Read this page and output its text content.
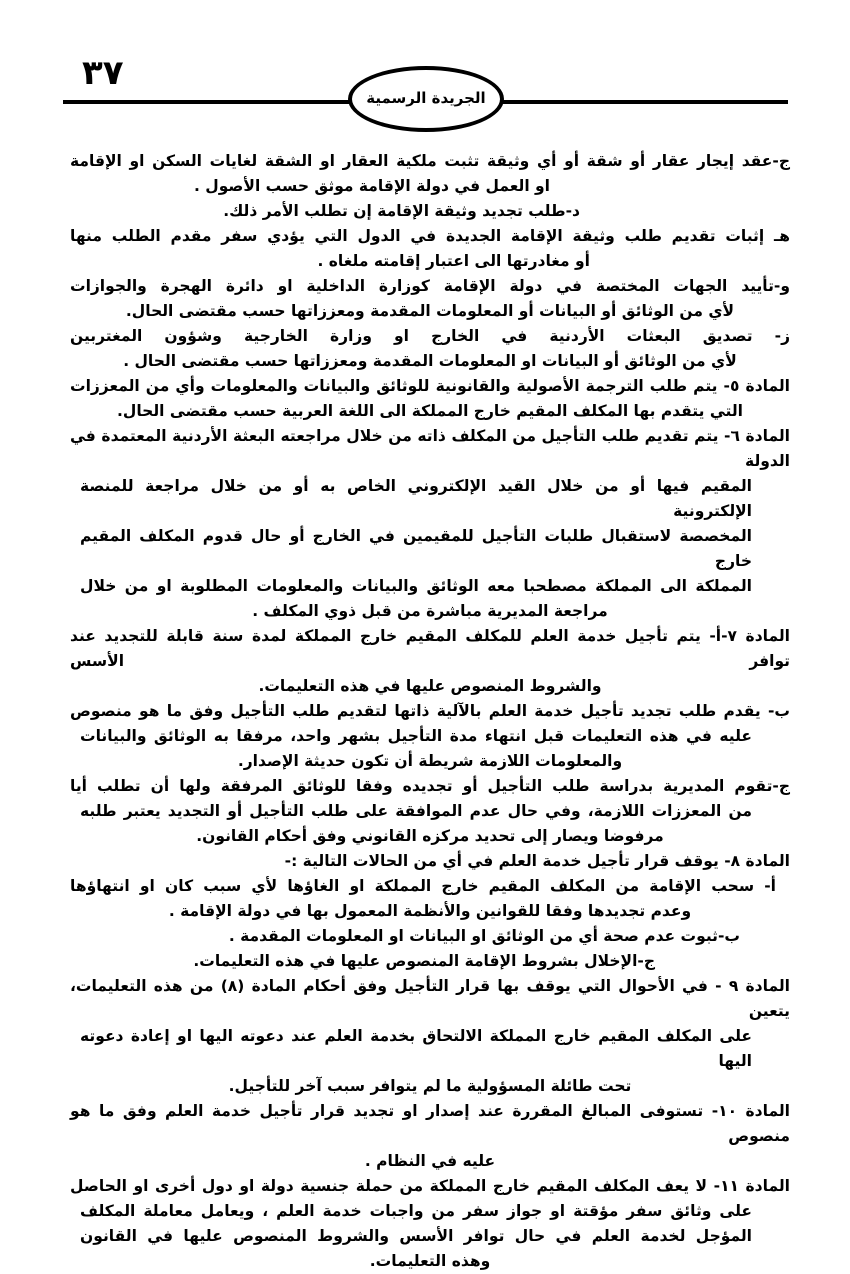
٣٧
الجريدة الرسمية
ج-عقد إيجار عقار أو شقة أو أي وثيقة تثبت ملكية العقار او الشقة لغايات السكن او الإقامة
او العمل في دولة الإقامة موثق حسب الأصول .
د-طلب تجديد وثيقة الإقامة إن تطلب الأمر ذلك.
هـ إثبات تقديم طلب وثيقة الإقامة الجديدة في الدول التي يؤدي سفر مقدم الطلب منها
أو مغادرتها الى اعتبار إقامته ملغاه .
و-تأييد الجهات المختصة في دولة الإقامة كوزارة الداخلية او دائرة الهجرة والجوازات
لأي من الوثائق أو البيانات أو المعلومات المقدمة ومعززاتها حسب مقتضى الحال.
ز- تصديق البعثات الأردنية في الخارج او وزارة الخارجية وشؤون المغتربين
لأي من الوثائق أو البيانات او المعلومات المقدمة ومعززاتها حسب مقتضى الحال .
المادة ٥- يتم طلب الترجمة الأصولية والقانونية للوثائق والبيانات والمعلومات وأي من المعززات
التي يتقدم بها المكلف المقيم خارج المملكة الى اللغة العربية حسب مقتضى الحال.
المادة ٦- يتم تقديم طلب التأجيل من المكلف ذاته من خلال مراجعته البعثة الأردنية المعتمدة في الدولة
المقيم فيها أو من خلال القيد الإلكتروني الخاص به أو من خلال مراجعة للمنصة الإلكترونية
المخصصة لاستقبال طلبات التأجيل للمقيمين في الخارج أو حال قدوم المكلف المقيم خارج
المملكة الى المملكة مصطحبا معه الوثائق والبيانات والمعلومات المطلوبة او من خلال
مراجعة المديرية مباشرة من قبل ذوي المكلف .
المادة ٧-أ- يتم تأجيل خدمة العلم للمكلف المقيم خارج المملكة لمدة سنة قابلة للتجديد عند توافر الأسس
والشروط المنصوص عليها في هذه التعليمات.
ب- يقدم طلب تجديد تأجيل خدمة العلم بالآلية ذاتها لتقديم طلب التأجيل وفق ما هو منصوص
عليه في هذه التعليمات قبل انتهاء مدة التأجيل بشهر واحد، مرفقا به الوثائق والبيانات
والمعلومات اللازمة شريطة أن تكون حديثة الإصدار.
ج-تقوم المديرية بدراسة طلب التأجيل أو تجديده وفقا للوثائق المرفقة ولها أن تطلب أيا
من المعززات اللازمة، وفي حال عدم الموافقة على طلب التأجيل أو التجديد يعتبر طلبه
مرفوضا ويصار إلى تحديد مركزه القانوني وفق أحكام القانون.
المادة ٨- يوقف قرار تأجيل خدمة العلم في أي من الحالات التالية :-
أ- سحب الإقامة من المكلف المقيم خارج المملكة او الغاؤها لأي سبب كان او انتهاؤها
وعدم تجديدها وفقا للقوانين والأنظمة المعمول بها في دولة الإقامة .
ب-ثبوت عدم صحة أي من الوثائق او البيانات او المعلومات المقدمة .
ج-الإخلال بشروط الإقامة المنصوص عليها في هذه التعليمات.
المادة ٩ - في الأحوال التي يوقف بها قرار التأجيل وفق أحكام المادة (٨) من هذه التعليمات، يتعين
على المكلف المقيم خارج المملكة الالتحاق بخدمة العلم عند دعوته اليها او إعادة دعوته اليها
تحت طائلة المسؤولية ما لم يتوافر سبب آخر للتأجيل.
المادة ١٠- تستوفى المبالغ المقررة عند إصدار او تجديد قرار تأجيل خدمة العلم وفق ما هو منصوص
عليه في النظام .
المادة ١١- لا يعف المكلف المقيم خارج المملكة من حملة جنسية دولة او دول أخرى او الحاصل
على وثائق سفر مؤقتة او جواز سفر من واجبات خدمة العلم ، ويعامل معاملة المكلف
المؤجل لخدمة العلم في حال توافر الأسس والشروط المنصوص عليها في القانون
وهذه التعليمات.
